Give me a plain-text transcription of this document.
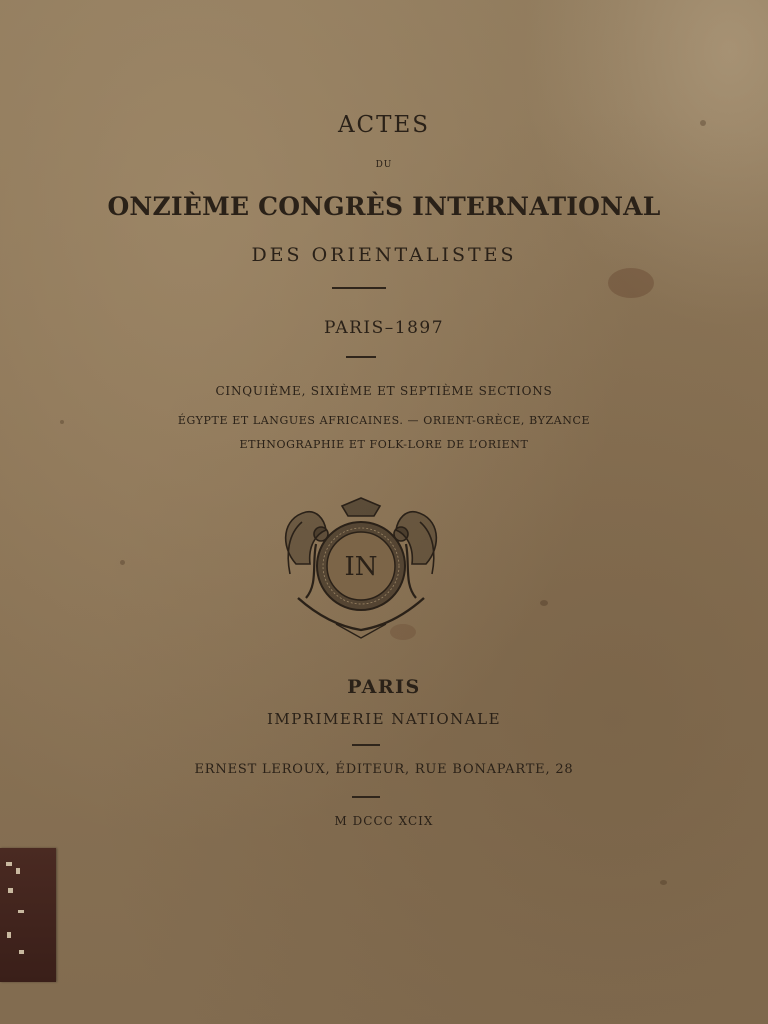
ACTES
DU
ONZIÈME CONGRÈS INTERNATIONAL
DES ORIENTALISTES
PARIS–1897
CINQUIÈME, SIXIÈME ET SEPTIÈME SECTIONS
ÉGYPTE ET LANGUES AFRICAINES. — ORIENT-GRÈCE, BYZANCE
ETHNOGRAPHIE ET FOLK-LORE DE L’ORIENT
IN
PARIS
IMPRIMERIE NATIONALE
ERNEST LEROUX, ÉDITEUR, RUE BONAPARTE, 28
M DCCC XCIX
